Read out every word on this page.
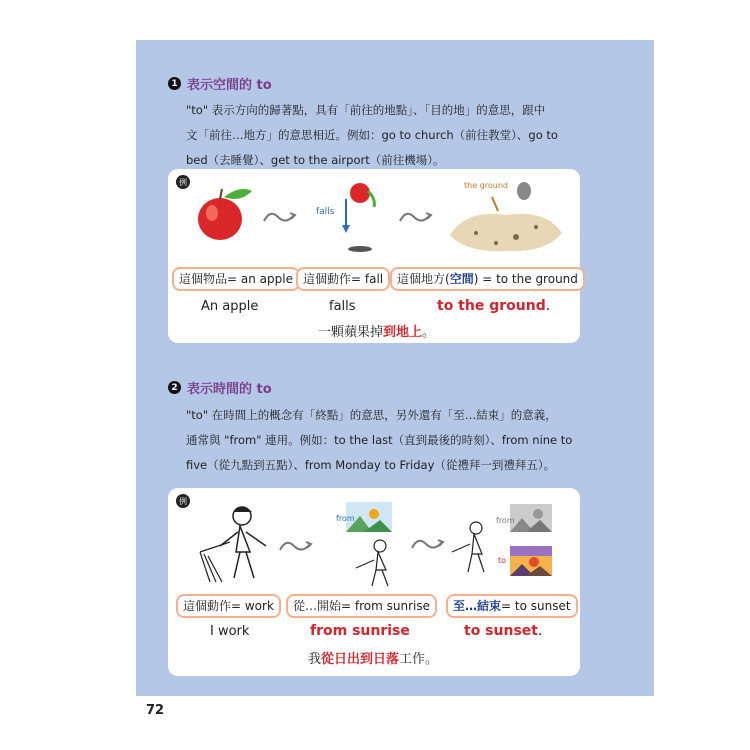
1 表示空間的 to
"to" 表示方向的歸著點，具有「前往的地點」、「目的地」的意思，跟中
文「前往…地方」的意思相近。例如：go to church（前往教堂）、go to
bed（去睡覺）、get to the airport（前往機場）。
例
falls
the ground
這個物品= an apple 這個動作= fall	這個地方(空間) = to the ground
An apple	falls	to the ground.
一顆蘋果掉到地上。
2 表示時間的 to
"to" 在時間上的概念有「終點」的意思，另外還有「至…結束」的意義，
通常與 "from" 連用。例如：to the last（直到最後的時刻）、from nine to
five（從九點到五點）、from Monday to Friday（從禮拜一到禮拜五）。
例
from	from
to
這個動作= work	從…開始= from sunrise	至…結束= to sunset
I work	from sunrise	to sunset.
我從日出到日落工作。
72
